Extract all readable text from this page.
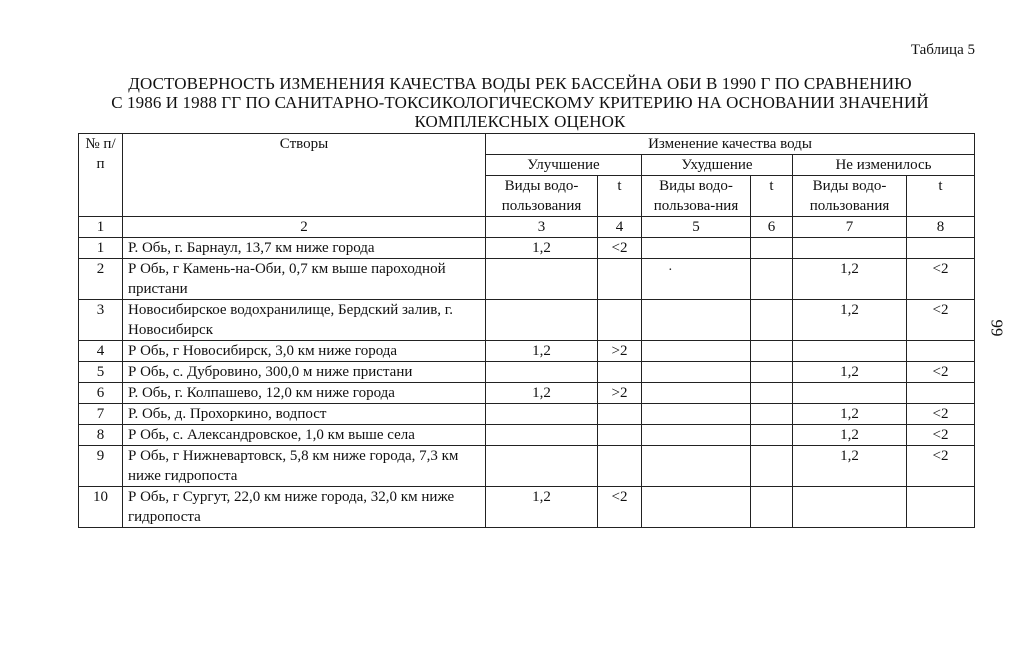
Таблица 5
ДОСТОВЕРНОСТЬ ИЗМЕНЕНИЯ КАЧЕСТВА ВОДЫ РЕК БАССЕЙНА ОБИ В 1990 Г ПО СРАВНЕНИЮ
С 1986 И 1988 ГГ ПО САНИТАРНО-ТОКСИКОЛОГИЧЕСКОМУ КРИТЕРИЮ НА ОСНОВАНИИ ЗНАЧЕНИЙ
КОМПЛЕКСНЫХ ОЦЕНОК
99
·
№ п/п	Створы	Изменение качества воды					
		Улучшение		Ухудшение		Не изменилось	
		Виды водо-пользования	t	Виды водо-пользова-ния	t	Виды водо-пользования	t
1	2	3	4	5	6	7	8
1	Р. Обь, г. Барнаул, 13,7 км ниже города	1,2	<2				
2	Р Обь, г Камень-на-Оби, 0,7 км выше пароходной пристани					1,2	<2
3	Новосибирское водохранилище, Бердский залив, г. Новосибирск					1,2	<2
4	Р Обь, г Новосибирск, 3,0 км ниже города	1,2	>2				
5	Р Обь, с. Дубровино, 300,0 м ниже пристани					1,2	<2
6	Р. Обь, г. Колпашево, 12,0 км ниже города	1,2	>2				
7	Р. Обь, д. Прохоркино, водпост					1,2	<2
8	Р Обь, с. Александровское, 1,0 км выше села					1,2	<2
9	Р Обь, г Нижневартовск, 5,8 км ниже города, 7,3 км ниже гидропоста					1,2	<2
10	Р Обь, г Сургут, 22,0 км ниже города, 32,0 км ниже гидропоста	1,2	<2				
